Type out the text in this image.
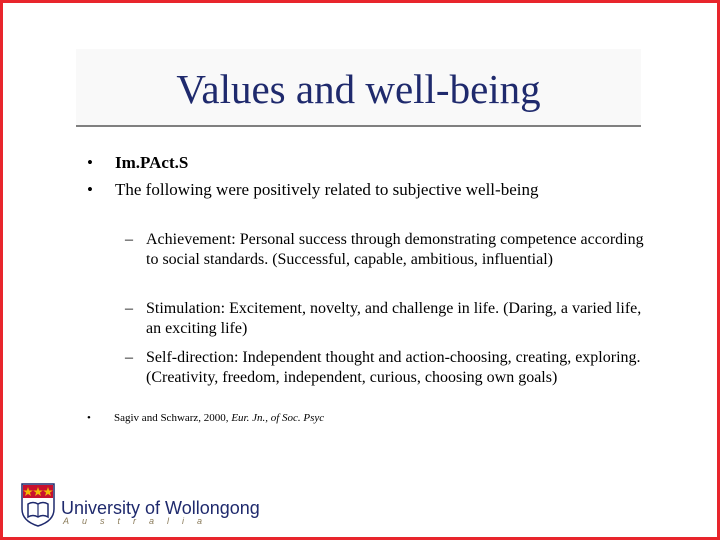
Values and well-being
• Im.PAct.S
• The following were positively related to subjective well-being
– Achievement: Personal success through demonstrating competence according to social standards. (Successful, capable, ambitious, influential)
– Stimulation: Excitement, novelty, and challenge in life. (Daring, a varied life, an exciting life)
– Self-direction: Independent thought and action-choosing, creating, exploring. (Creativity, freedom, independent, curious, choosing own goals)
• Sagiv and Schwarz, 2000, Eur. Jn., of Soc. Psyc
University of Wollongong
Australia
